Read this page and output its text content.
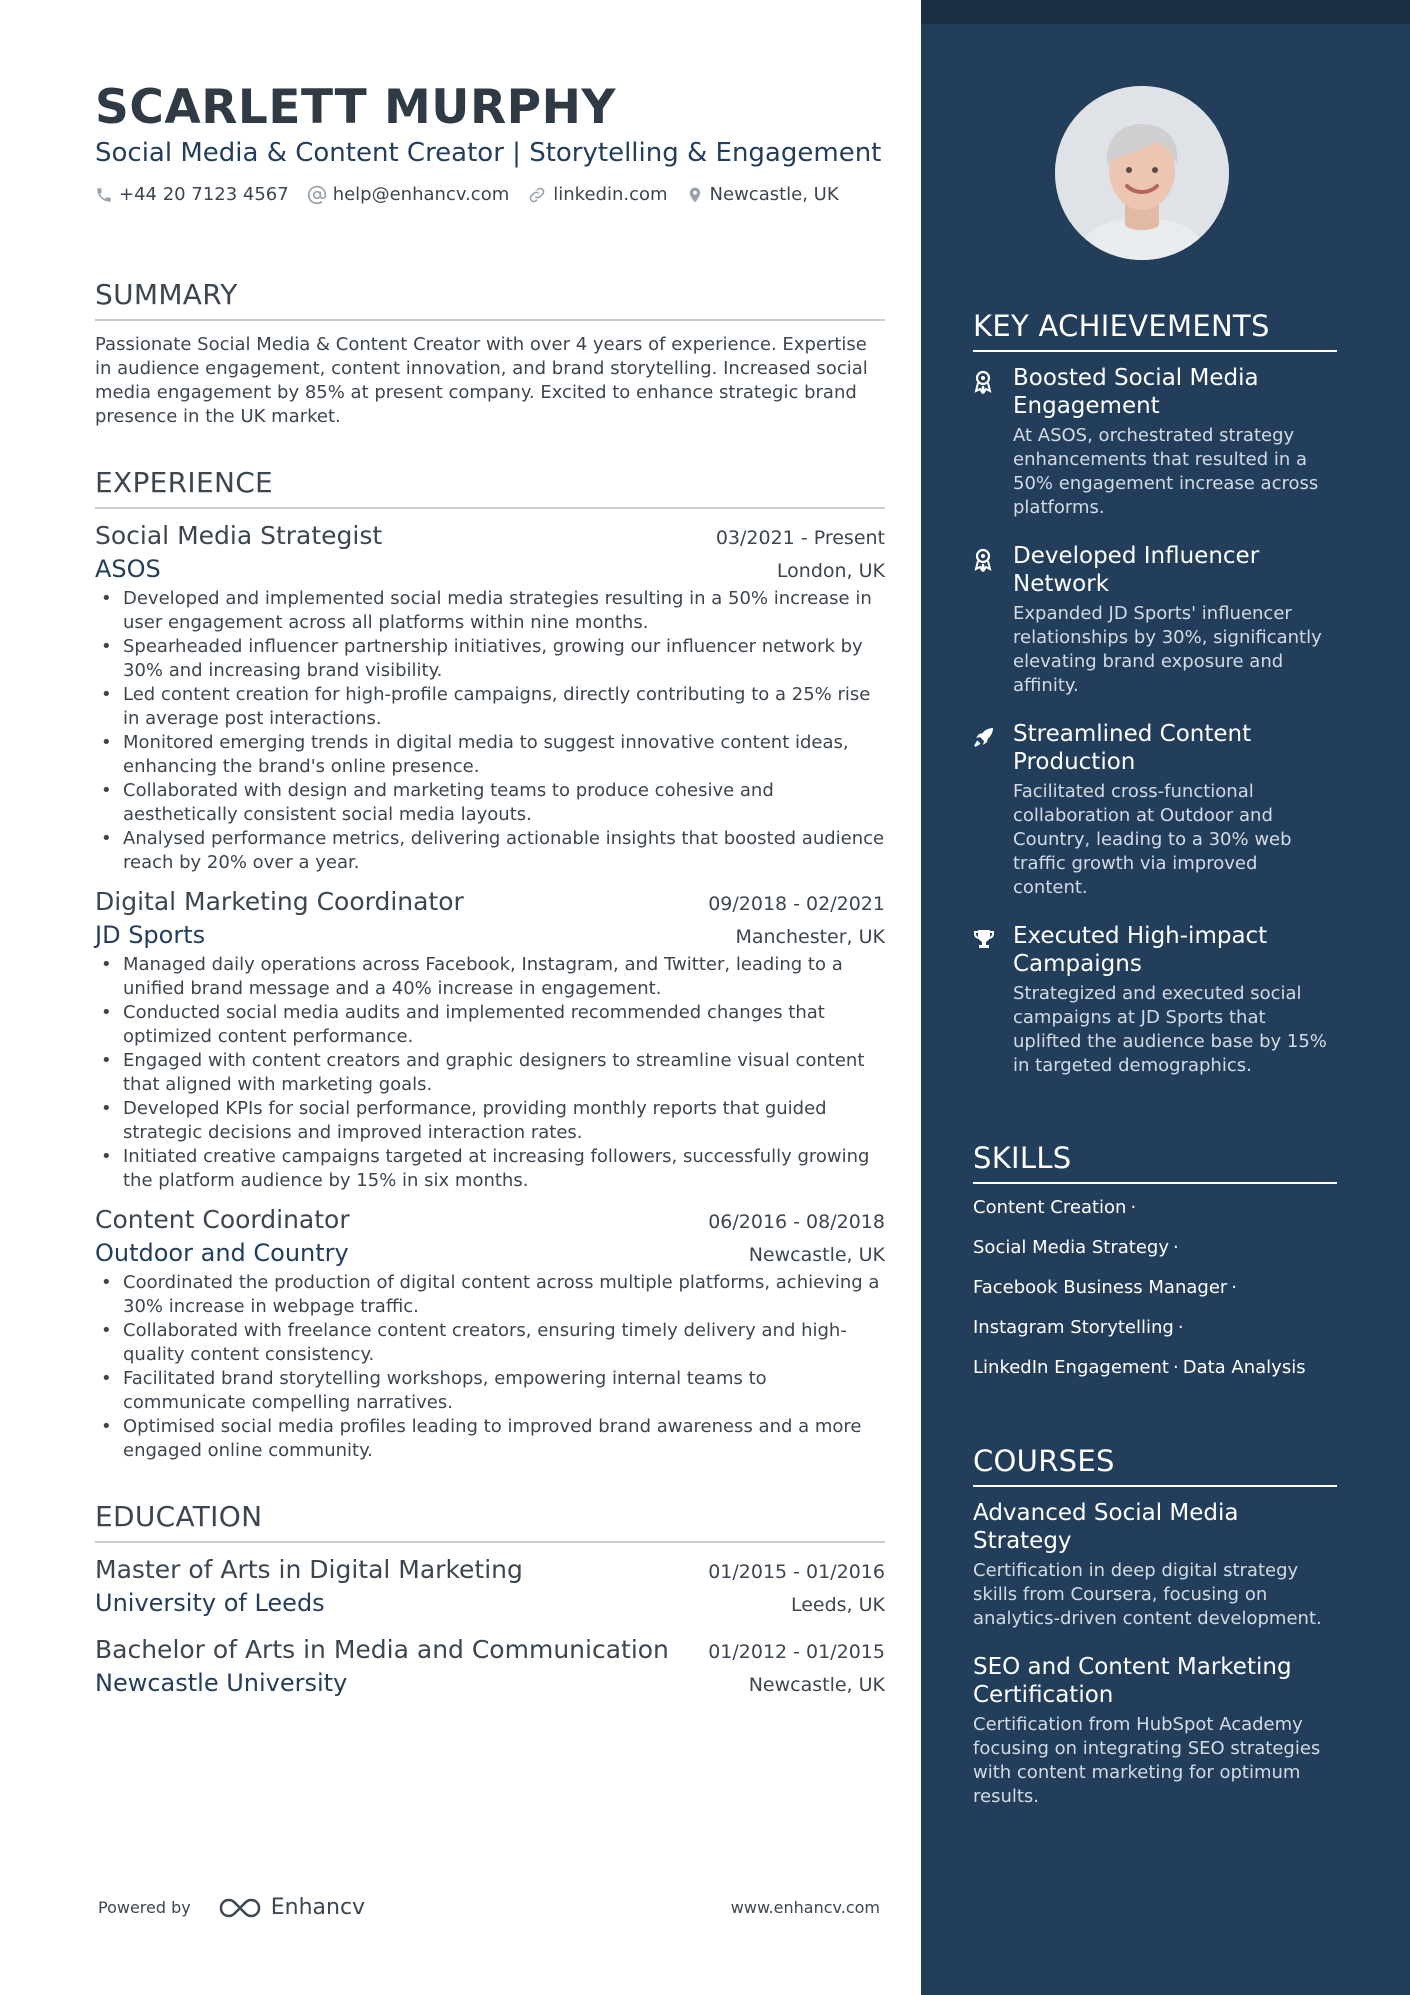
SCARLETT MURPHY
Social Media & Content Creator | Storytelling & Engagement
+44 20 7123 4567 help@enhancv.com linkedin.com Newcastle, UK
SUMMARY
Passionate Social Media & Content Creator with over 4 years of experience. Expertise in audience engagement, content innovation, and brand storytelling. Increased social media engagement by 85% at present company. Excited to enhance strategic brand presence in the UK market.
EXPERIENCE
Social Media Strategist	03/2021 - Present
ASOS	London, UK
• Developed and implemented social media strategies resulting in a 50% increase in user engagement across all platforms within nine months.
• Spearheaded influencer partnership initiatives, growing our influencer network by 30% and increasing brand visibility.
• Led content creation for high-profile campaigns, directly contributing to a 25% rise in average post interactions.
• Monitored emerging trends in digital media to suggest innovative content ideas, enhancing the brand's online presence.
• Collaborated with design and marketing teams to produce cohesive and aesthetically consistent social media layouts.
• Analysed performance metrics, delivering actionable insights that boosted audience reach by 20% over a year.
Digital Marketing Coordinator	09/2018 - 02/2021
JD Sports	Manchester, UK
• Managed daily operations across Facebook, Instagram, and Twitter, leading to a unified brand message and a 40% increase in engagement.
• Conducted social media audits and implemented recommended changes that optimized content performance.
• Engaged with content creators and graphic designers to streamline visual content that aligned with marketing goals.
• Developed KPIs for social performance, providing monthly reports that guided strategic decisions and improved interaction rates.
• Initiated creative campaigns targeted at increasing followers, successfully growing the platform audience by 15% in six months.
Content Coordinator	06/2016 - 08/2018
Outdoor and Country	Newcastle, UK
• Coordinated the production of digital content across multiple platforms, achieving a 30% increase in webpage traffic.
• Collaborated with freelance content creators, ensuring timely delivery and high-quality content consistency.
• Facilitated brand storytelling workshops, empowering internal teams to communicate compelling narratives.
• Optimised social media profiles leading to improved brand awareness and a more engaged online community.
EDUCATION
Master of Arts in Digital Marketing	01/2015 - 01/2016
University of Leeds	Leeds, UK
Bachelor of Arts in Media and Communication 01/2012 - 01/2015
Newcastle University	Newcastle, UK
Powered by	Enhancv	www.enhancv.com
KEY ACHIEVEMENTS
Boosted Social Media Engagement
At ASOS, orchestrated strategy enhancements that resulted in a 50% engagement increase across platforms.
Developed Influencer Network
Expanded JD Sports' influencer relationships by 30%, significantly elevating brand exposure and affinity.
Streamlined Content Production
Facilitated cross-functional collaboration at Outdoor and Country, leading to a 30% web traffic growth via improved content.
Executed High-impact Campaigns
Strategized and executed social campaigns at JD Sports that uplifted the audience base by 15% in targeted demographics.
SKILLS
Content Creation ·
Social Media Strategy ·
Facebook Business Manager ·
Instagram Storytelling ·
LinkedIn Engagement · Data Analysis
COURSES
Advanced Social Media Strategy
Certification in deep digital strategy skills from Coursera, focusing on analytics-driven content development.
SEO and Content Marketing Certification
Certification from HubSpot Academy focusing on integrating SEO strategies with content marketing for optimum results.
